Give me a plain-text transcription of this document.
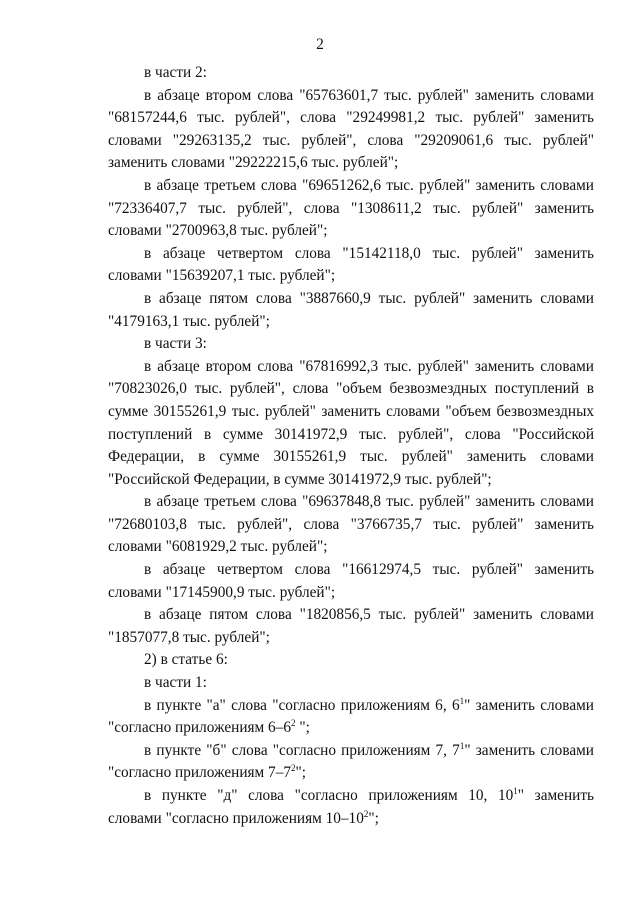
2

в части 2:

в абзаце втором слова "65763601,7 тыс. рублей" заменить словами "68157244,6 тыс. рублей", слова "29249981,2 тыс. рублей" заменить словами "29263135,2 тыс. рублей", слова "29209061,6 тыс. рублей" заменить словами "29222215,6 тыс. рублей";

в абзаце третьем слова "69651262,6 тыс. рублей" заменить словами "72336407,7 тыс. рублей", слова "1308611,2 тыс. рублей" заменить словами "2700963,8 тыс. рублей";

в абзаце четвертом слова "15142118,0 тыс. рублей" заменить словами "15639207,1 тыс. рублей";

в абзаце пятом слова "3887660,9 тыс. рублей" заменить словами "4179163,1 тыс. рублей";

в части 3:

в абзаце втором слова "67816992,3 тыс. рублей" заменить словами "70823026,0 тыс. рублей", слова "объем безвозмездных поступлений в сумме 30155261,9 тыс. рублей" заменить словами "объем безвозмездных поступлений в сумме 30141972,9 тыс. рублей", слова "Российской Федерации, в сумме 30155261,9 тыс. рублей" заменить словами "Российской Федерации, в сумме 30141972,9 тыс. рублей";

в абзаце третьем слова "69637848,8 тыс. рублей" заменить словами "72680103,8 тыс. рублей", слова "3766735,7 тыс. рублей" заменить словами "6081929,2 тыс. рублей";

в абзаце четвертом слова "16612974,5 тыс. рублей" заменить словами "17145900,9 тыс. рублей";

в абзаце пятом слова "1820856,5 тыс. рублей" заменить словами "1857077,8 тыс. рублей";

2) в статье 6:

в части 1:

в пункте "а" слова "согласно приложениям 6, $6^1$" заменить словами "согласно приложениям $6-6^2$ ";

в пункте "б" слова "согласно приложениям 7, $7^1$" заменить словами "согласно приложениям $7-7^2$";

в пункте "д" слова "согласно приложениям 10, $10^1$" заменить словами "согласно приложениям $10-10^2$";
